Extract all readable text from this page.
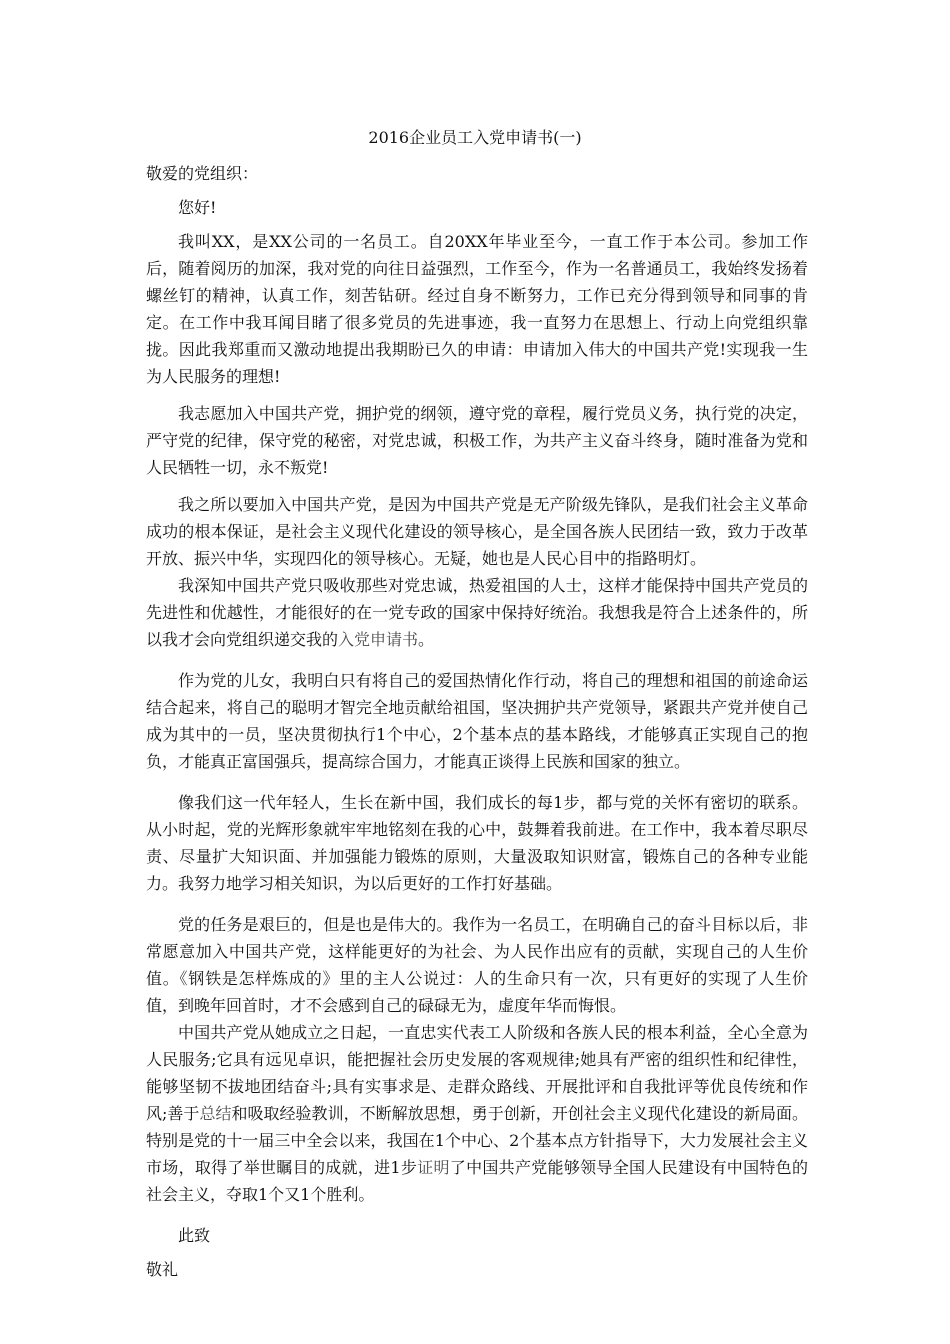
2016企业员工入党申请书(一)

敬爱的党组织：

您好!

我叫XX，是XX公司的一名员工。自20XX年毕业至今，一直工作于本公司。参加工作后，随着阅历的加深，我对党的向往日益强烈，工作至今，作为一名普通员工，我始终发扬着螺丝钉的精神，认真工作，刻苦钻研。经过自身不断努力，工作已充分得到领导和同事的肯定。在工作中我耳闻目睹了很多党员的先进事迹，我一直努力在思想上、行动上向党组织靠拢。因此我郑重而又激动地提出我期盼已久的申请：申请加入伟大的中国共产党!实现我一生为人民服务的理想!

我志愿加入中国共产党，拥护党的纲领，遵守党的章程，履行党员义务，执行党的决定，严守党的纪律，保守党的秘密，对党忠诚，积极工作，为共产主义奋斗终身，随时准备为党和人民牺牲一切，永不叛党!

我之所以要加入中国共产党，是因为中国共产党是无产阶级先锋队，是我们社会主义革命成功的根本保证，是社会主义现代化建设的领导核心，是全国各族人民团结一致，致力于改革开放、振兴中华，实现四化的领导核心。无疑，她也是人民心目中的指路明灯。

我深知中国共产党只吸收那些对党忠诚，热爱祖国的人士，这样才能保持中国共产党员的先进性和优越性，才能很好的在一党专政的国家中保持好统治。我想我是符合上述条件的，所以我才会向党组织递交我的入党申请书。

作为党的儿女，我明白只有将自己的爱国热情化作行动，将自己的理想和祖国的前途命运结合起来，将自己的聪明才智完全地贡献给祖国，坚决拥护共产党领导，紧跟共产党并使自己成为其中的一员，坚决贯彻执行1个中心，2个基本点的基本路线，才能够真正实现自己的抱负，才能真正富国强兵，提高综合国力，才能真正谈得上民族和国家的独立。

像我们这一代年轻人，生长在新中国，我们成长的每1步，都与党的关怀有密切的联系。从小时起，党的光辉形象就牢牢地铭刻在我的心中，鼓舞着我前进。在工作中，我本着尽职尽责、尽量扩大知识面、并加强能力锻炼的原则，大量汲取知识财富，锻炼自己的各种专业能力。我努力地学习相关知识，为以后更好的工作打好基础。

党的任务是艰巨的，但是也是伟大的。我作为一名员工，在明确自己的奋斗目标以后，非常愿意加入中国共产党，这样能更好的为社会、为人民作出应有的贡献，实现自己的人生价值。《钢铁是怎样炼成的》里的主人公说过：人的生命只有一次，只有更好的实现了人生价值，到晚年回首时，才不会感到自己的碌碌无为，虚度年华而悔恨。

中国共产党从她成立之日起，一直忠实代表工人阶级和各族人民的根本利益，全心全意为人民服务;它具有远见卓识，能把握社会历史发展的客观规律;她具有严密的组织性和纪律性，能够坚韧不拔地团结奋斗;具有实事求是、走群众路线、开展批评和自我批评等优良传统和作风;善于总结和吸取经验教训，不断解放思想，勇于创新，开创社会主义现代化建设的新局面。特别是党的十一届三中全会以来，我国在1个中心、2个基本点方针指导下，大力发展社会主义市场，取得了举世瞩目的成就，进1步证明了中国共产党能够领导全国人民建设有中国特色的社会主义，夺取1个又1个胜利。

此致

敬礼
